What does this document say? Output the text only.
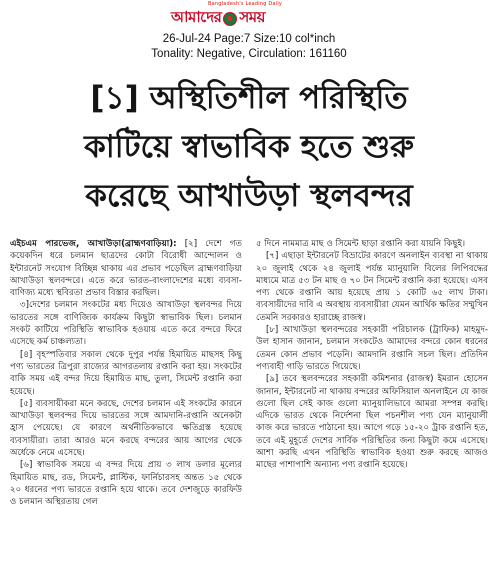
Bangladesh's Leading Daily
আমাদের সময়
26-Jul-24 Page:7 Size:10 col*inch
Tonality: Negative, Circulation: 161160
[১] অস্থিতিশীল পরিস্থিতি
কাটিয়ে স্বাভাবিক হতে শুরু
করেছে আখাউড়া স্থলবন্দর

এইচএম পারভেজ, আখাউড়া(ব্রাহ্মণবাড়িয়া): [২] দেশে গত কয়েকদিন ধরে চলমান ছাত্রদের কোটা বিরোধী আন্দোলন ও ইন্টারনেট সংযোগ বিচ্ছিন্ন থাকায় এর প্রভাব পড়েছিল ব্রাহ্মণবাড়িয়া আখাউড়া স্থলবন্দরে। এতে করে ভারত-বাংলাদেশের মধ্যে ব্যবসা-বাণিজ্য মধ্যে স্থবিরতা প্রভাব বিস্তার করছিল।

৩]দেশের চলমান সংকটের মধ্য দিয়েও আখাউড়া স্থলবন্দর দিয়ে ভারতের সঙ্গে বাণিজ্যিক কার্যক্রম কিছুটা স্বাভাবিক ছিল। চলমান সংকট কাটিয়ে পরিস্থিতি স্বাভাবিক হওয়ায় এতে করে বন্দরে ফিরে এসেছে কর্ম চাঞ্চল্যতা।

[৪] বৃহস্পতিবার সকাল থেকে দুপুর পর্যন্ত হিমায়িত মাছসহ কিছু পণ্য ভারতের ত্রিপুরা রাজ্যের আগরতলায় রপ্তানি করা হয়। সংকটের বাকি সময় এই বন্দর দিয়ে হিমায়িত মাছ, তুলা, সিমেন্ট রপ্তানি করা হয়েছে।

[৫] ব্যবসায়ীকরা মনে করছে, দেশের চলমান এই সংকটের কারনে আখাউড়া স্থলবন্দর দিয়ে ভারতের সঙ্গে আমদানি-রপ্তানি অনেকটা হ্রাস পেয়েছে। যে কারণে অর্থনীতিকভাবে ক্ষতিগ্রস্ত হয়েছে ব্যবসায়ীরা। তারা আরও মনে করছে বন্দরের আয় আগের থেকে অর্ধেকে নেমে এসেছে।

[৬] স্বাভাবিক সময়ে এ বন্দর দিয়ে প্রায় ৩ লাখ ডলার মূল্যের হিমায়িত মাছ, রড, সিমেন্ট, প্লাস্টিক, ফার্নিচারসহ অন্তত ১৫ থেকে ২০ ধরনের পণ্য ভারতে রপ্তানি হয়ে থাকে। তবে দেশজুড়ে কারফিউ ও চলমান অস্থিরতায় গেল

৫ দিনে নামমাত্র মাছ ও সিমেন্ট ছাড়া রপ্তানি করা যায়নি কিছুই।

[৭] এছাড়া ইন্টারনেট বিভ্রাটের কারণে অনলাইন ব্যবস্থা না থাকায় ২০ জুলাই থেকে ২৪ জুলাই পর্যন্ত ম্যানুয়ালি বিলের লিপিবদ্ধের মাধ্যমে মাত্র ৫৩ টন মাছ ও ৭০ টন সিমেন্ট রপ্তানি করা হয়েছে। এসব পণ্য থেকে রপ্তানি আয় হয়েছে প্রায় ১ কোটি ৬৫ লাখ টাকা। ব্যবসায়ীদের দাবি এ অবস্থায় ব্যবসায়ীরা যেমন আর্থিক ক্ষতির সম্মুখিন তেমনি সরকারও হারাচ্ছে রাজস্ব।

[৮] আখাউড়া স্থলবন্দরের সহকারী পরিচালক (ট্রাফিক) মাহমুদ-উল হাসান জানান, চলমান সংকটেও আমাদের বন্দরে কোন ধরনের তেমন কোন প্রভাব পড়েনি। আমদানি রপ্তানি সচল ছিল। প্রতিদিন পণ্যবাহী গাড়ি ভারতে গিয়েছে।

[৯] তবে স্থলবন্দরের সহকারী কমিশনার (রাজস্ব) ইমরান হোসেন জানান, ইন্টারনেট না থাকায় বন্দরের অফিসিয়াল অনলাইনে যে কাজ গুলো ছিল সেই কাজ গুলো ম্যানুয়ালিভাবে আমরা সম্পন্ন করছি। এদিকে ভারত থেকে নির্দেশনা ছিল পচনশীল পণ্য যেন ম্যানুয়ালী কাজ করে ভারতে পাঠানো হয়। আগে গড়ে ১৫-২০ ট্রাক রপ্তানি হত, তবে এই মুহূর্তে দেশের সার্বিক পরিস্থিতির জন্য কিছুটা কমে এসেছে। আশা করছি এখন পরিস্থিতি স্বাভাবিক হওয়া শুরু করছে আজও মাছের পাশাপাশি অন্যান্য পণ্য রপ্তানি হয়েছে।
